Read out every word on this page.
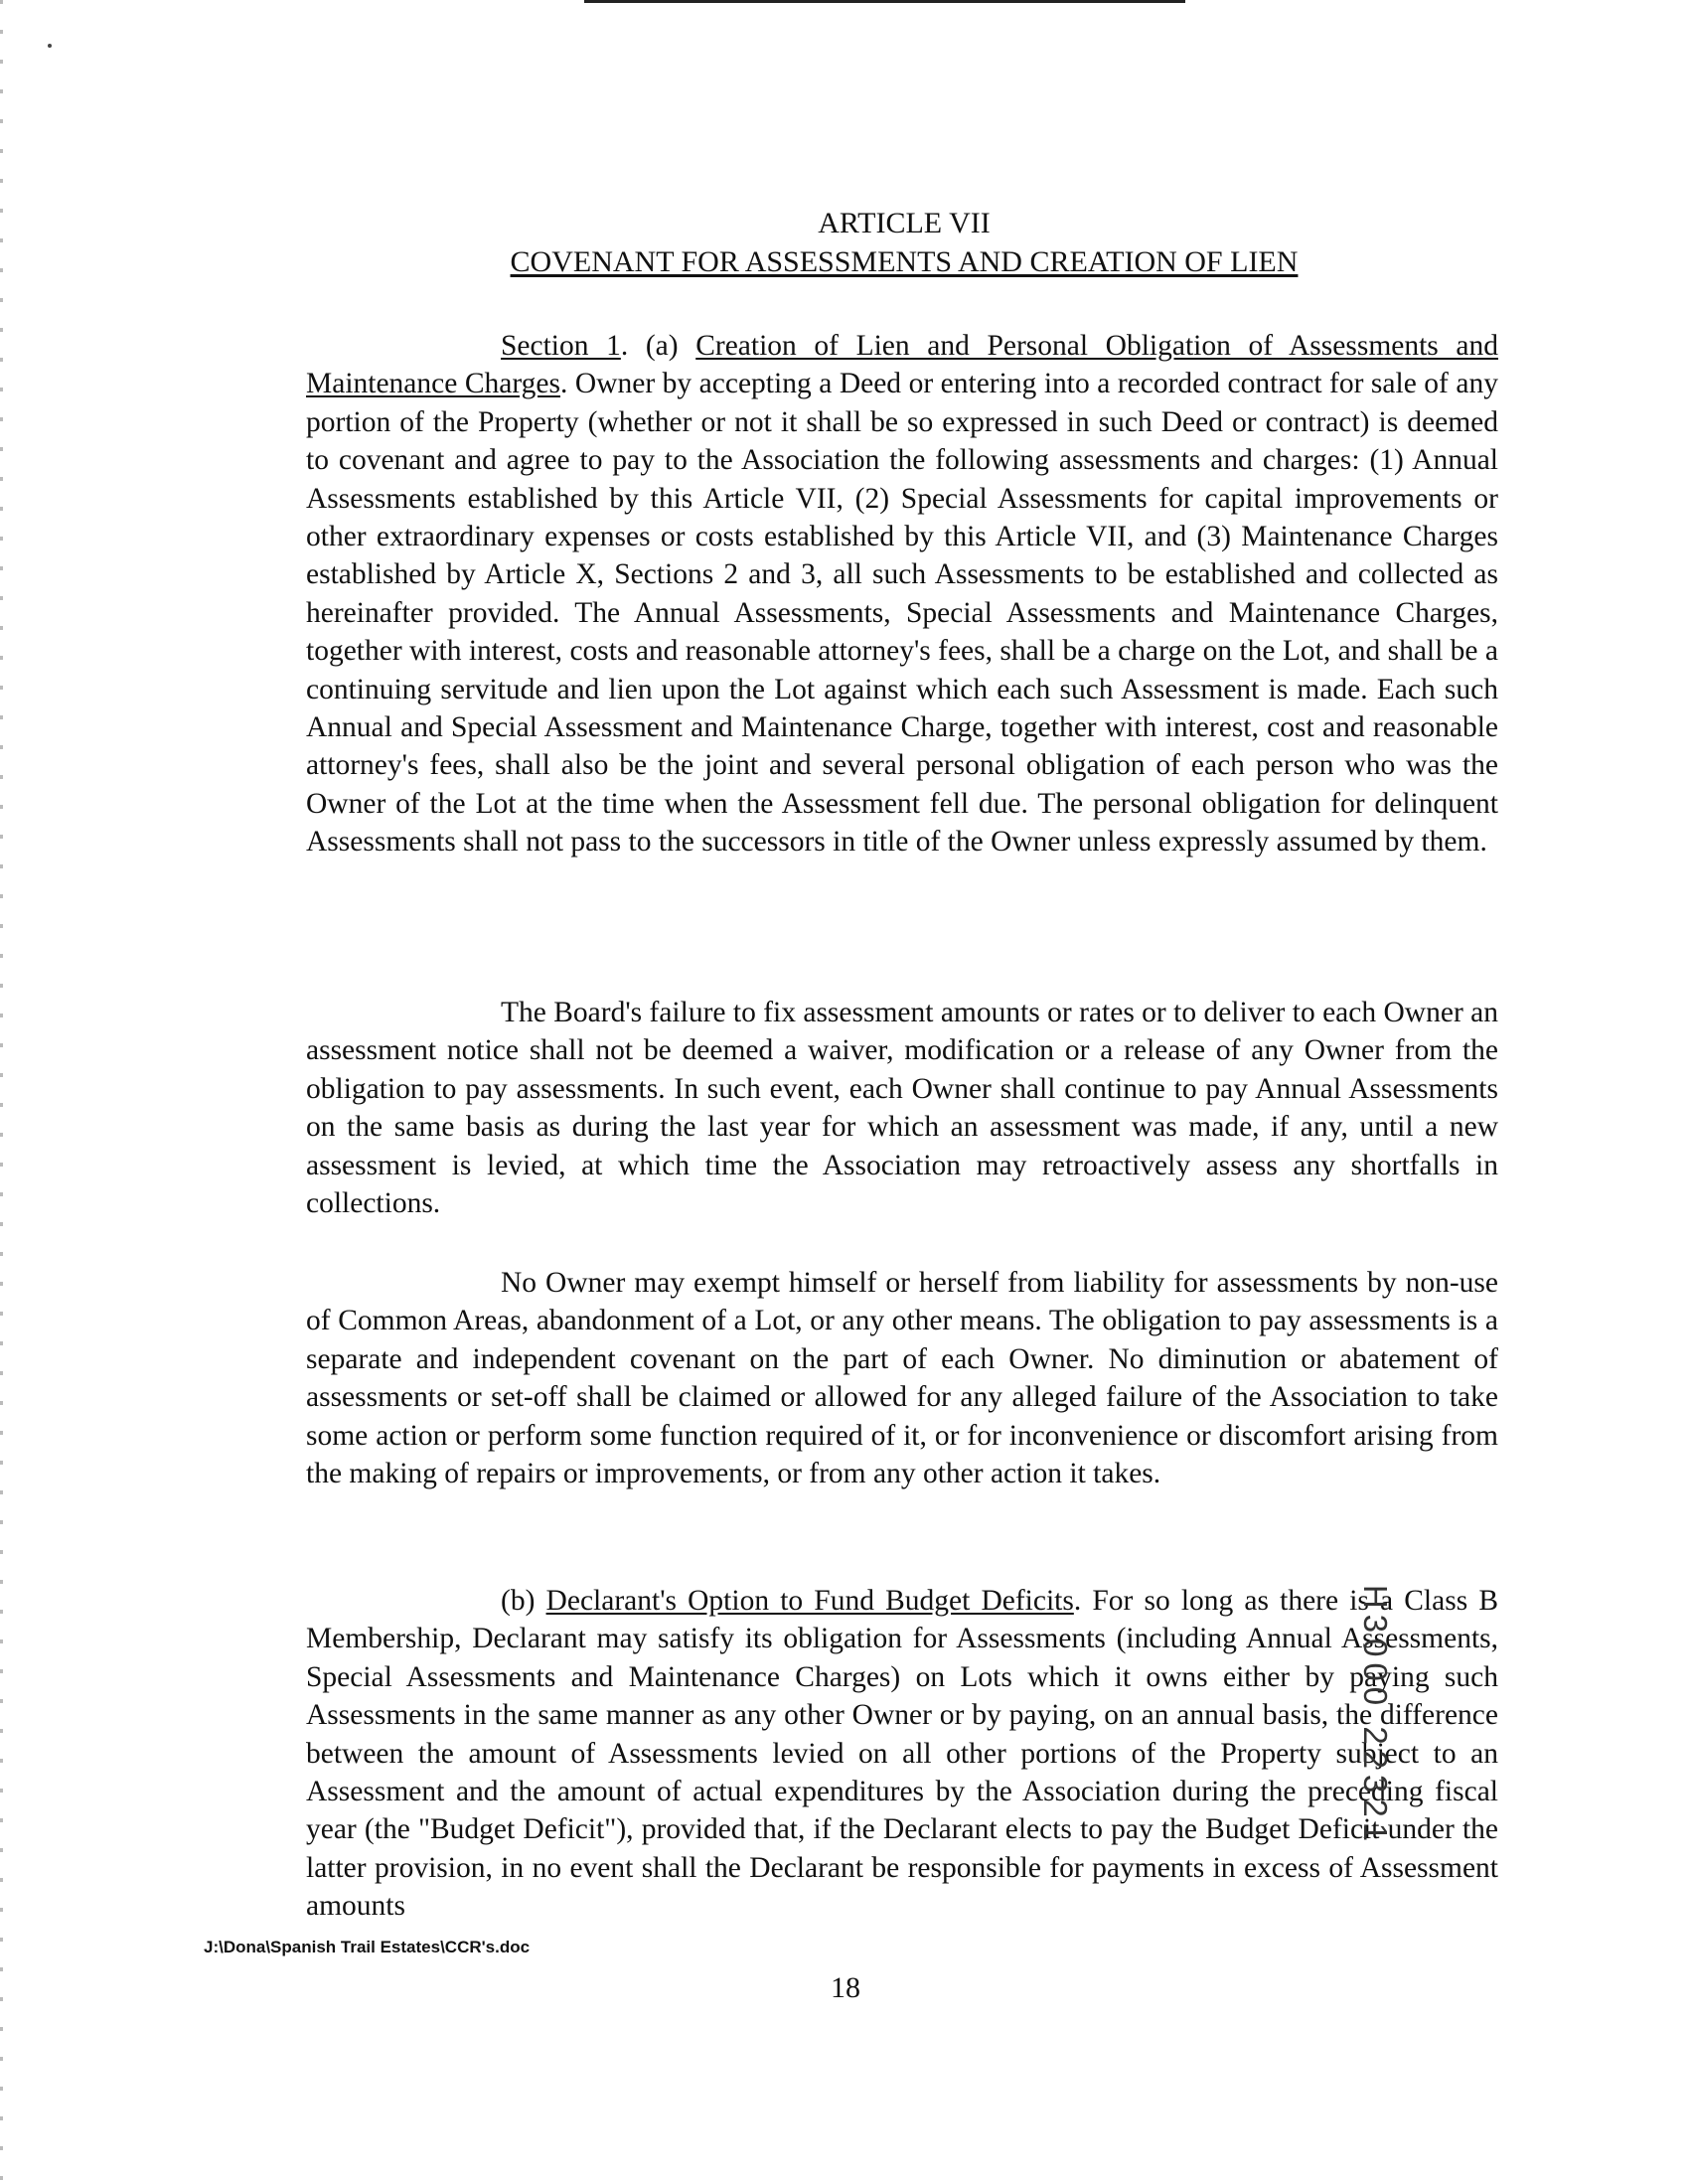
ARTICLE VII
COVENANT FOR ASSESSMENTS AND CREATION OF LIEN

Section 1. (a) Creation of Lien and Personal Obligation of Assessments and Maintenance Charges. Owner by accepting a Deed or entering into a recorded contract for sale of any portion of the Property (whether or not it shall be so expressed in such Deed or contract) is deemed to covenant and agree to pay to the Association the following assessments and charges: (1) Annual Assessments established by this Article VII, (2) Special Assessments for capital improvements or other extraordinary expenses or costs established by this Article VII, and (3) Maintenance Charges established by Article X, Sections 2 and 3, all such Assessments to be established and collected as hereinafter provided. The Annual Assessments, Special Assessments and Maintenance Charges, together with interest, costs and reasonable attorney's fees, shall be a charge on the Lot, and shall be a continuing servitude and lien upon the Lot against which each such Assessment is made. Each such Annual and Special Assessment and Maintenance Charge, together with interest, cost and reasonable attorney's fees, shall also be the joint and several personal obligation of each person who was the Owner of the Lot at the time when the Assessment fell due. The personal obligation for delinquent Assessments shall not pass to the successors in title of the Owner unless expressly assumed by them.

The Board's failure to fix assessment amounts or rates or to deliver to each Owner an assessment notice shall not be deemed a waiver, modification or a release of any Owner from the obligation to pay assessments. In such event, each Owner shall continue to pay Annual Assessments on the same basis as during the last year for which an assessment was made, if any, until a new assessment is levied, at which time the Association may retroactively assess any shortfalls in collections.

No Owner may exempt himself or herself from liability for assessments by non-use of Common Areas, abandonment of a Lot, or any other means. The obligation to pay assessments is a separate and independent covenant on the part of each Owner. No diminution or abatement of assessments or set-off shall be claimed or allowed for any alleged failure of the Association to take some action or perform some function required of it, or for inconvenience or discomfort arising from the making of repairs or improvements, or from any other action it takes.

(b) Declarant's Option to Fund Budget Deficits. For so long as there is a Class B Membership, Declarant may satisfy its obligation for Assessments (including Annual Assessments, Special Assessments and Maintenance Charges) on Lots which it owns either by paying such Assessments in the same manner as any other Owner or by paying, on an annual basis, the difference between the amount of Assessments levied on all other portions of the Property subject to an Assessment and the amount of actual expenditures by the Association during the preceding fiscal year (the "Budget Deficit"), provided that, if the Declarant elects to pay the Budget Deficit under the latter provision, in no event shall the Declarant be responsible for payments in excess of Assessment amounts

J:\Dona\Spanish Trail Estates\CCR's.doc
18
H3000 22321
